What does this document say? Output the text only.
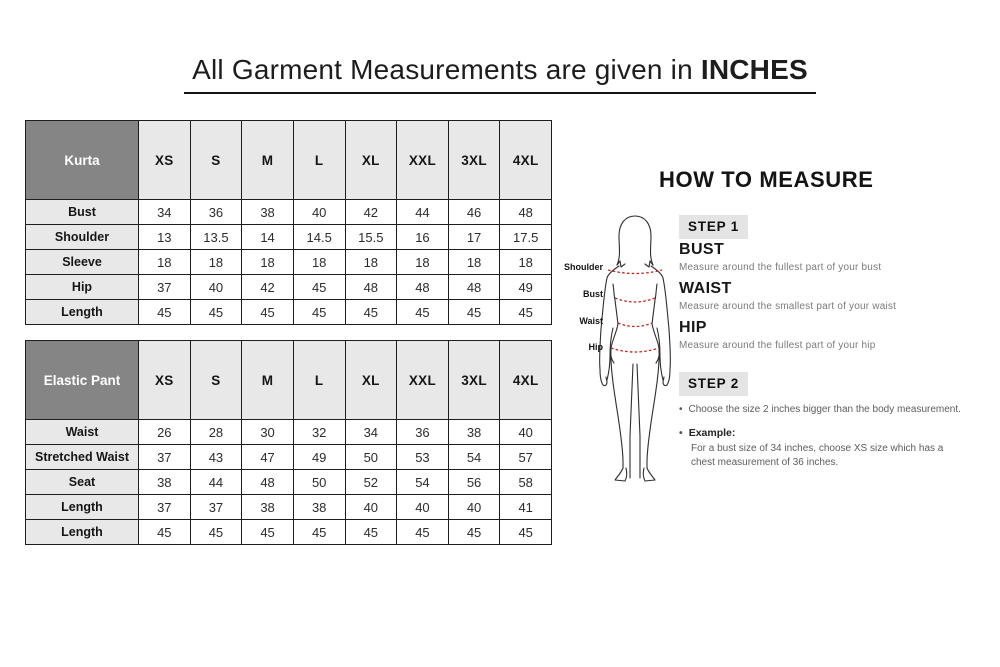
All Garment Measurements are given in INCHES
Kurta	XS	S	M	L	XL	XXL	3XL	4XL
Bust	34	36	38	40	42	44	46	48
Shoulder	13	13.5	14	14.5	15.5	16	17	17.5
Sleeve	18	18	18	18	18	18	18	18
Hip	37	40	42	45	48	48	48	49
Length	45	45	45	45	45	45	45	45
Elastic Pant	XS	S	M	L	XL	XXL	3XL	4XL
Waist	26	28	30	32	34	36	38	40
Stretched Waist	37	43	47	49	50	53	54	57
Seat	38	44	48	50	52	54	56	58
Length	37	37	38	38	40	40	40	41
Length	45	45	45	45	45	45	45	45
HOW TO MEASURE
Shoulder
Bust
Waist
Hip
STEP 1
BUST
Measure around the fullest part of your bust
WAIST
Measure around the smallest part of your waist
HIP
Measure around the fullest part of your hip
STEP 2
• Choose the size 2 inches bigger than the body measurement.
• Example:
For a bust size of 34 inches, choose XS size which has a
chest measurement of 36 inches.
